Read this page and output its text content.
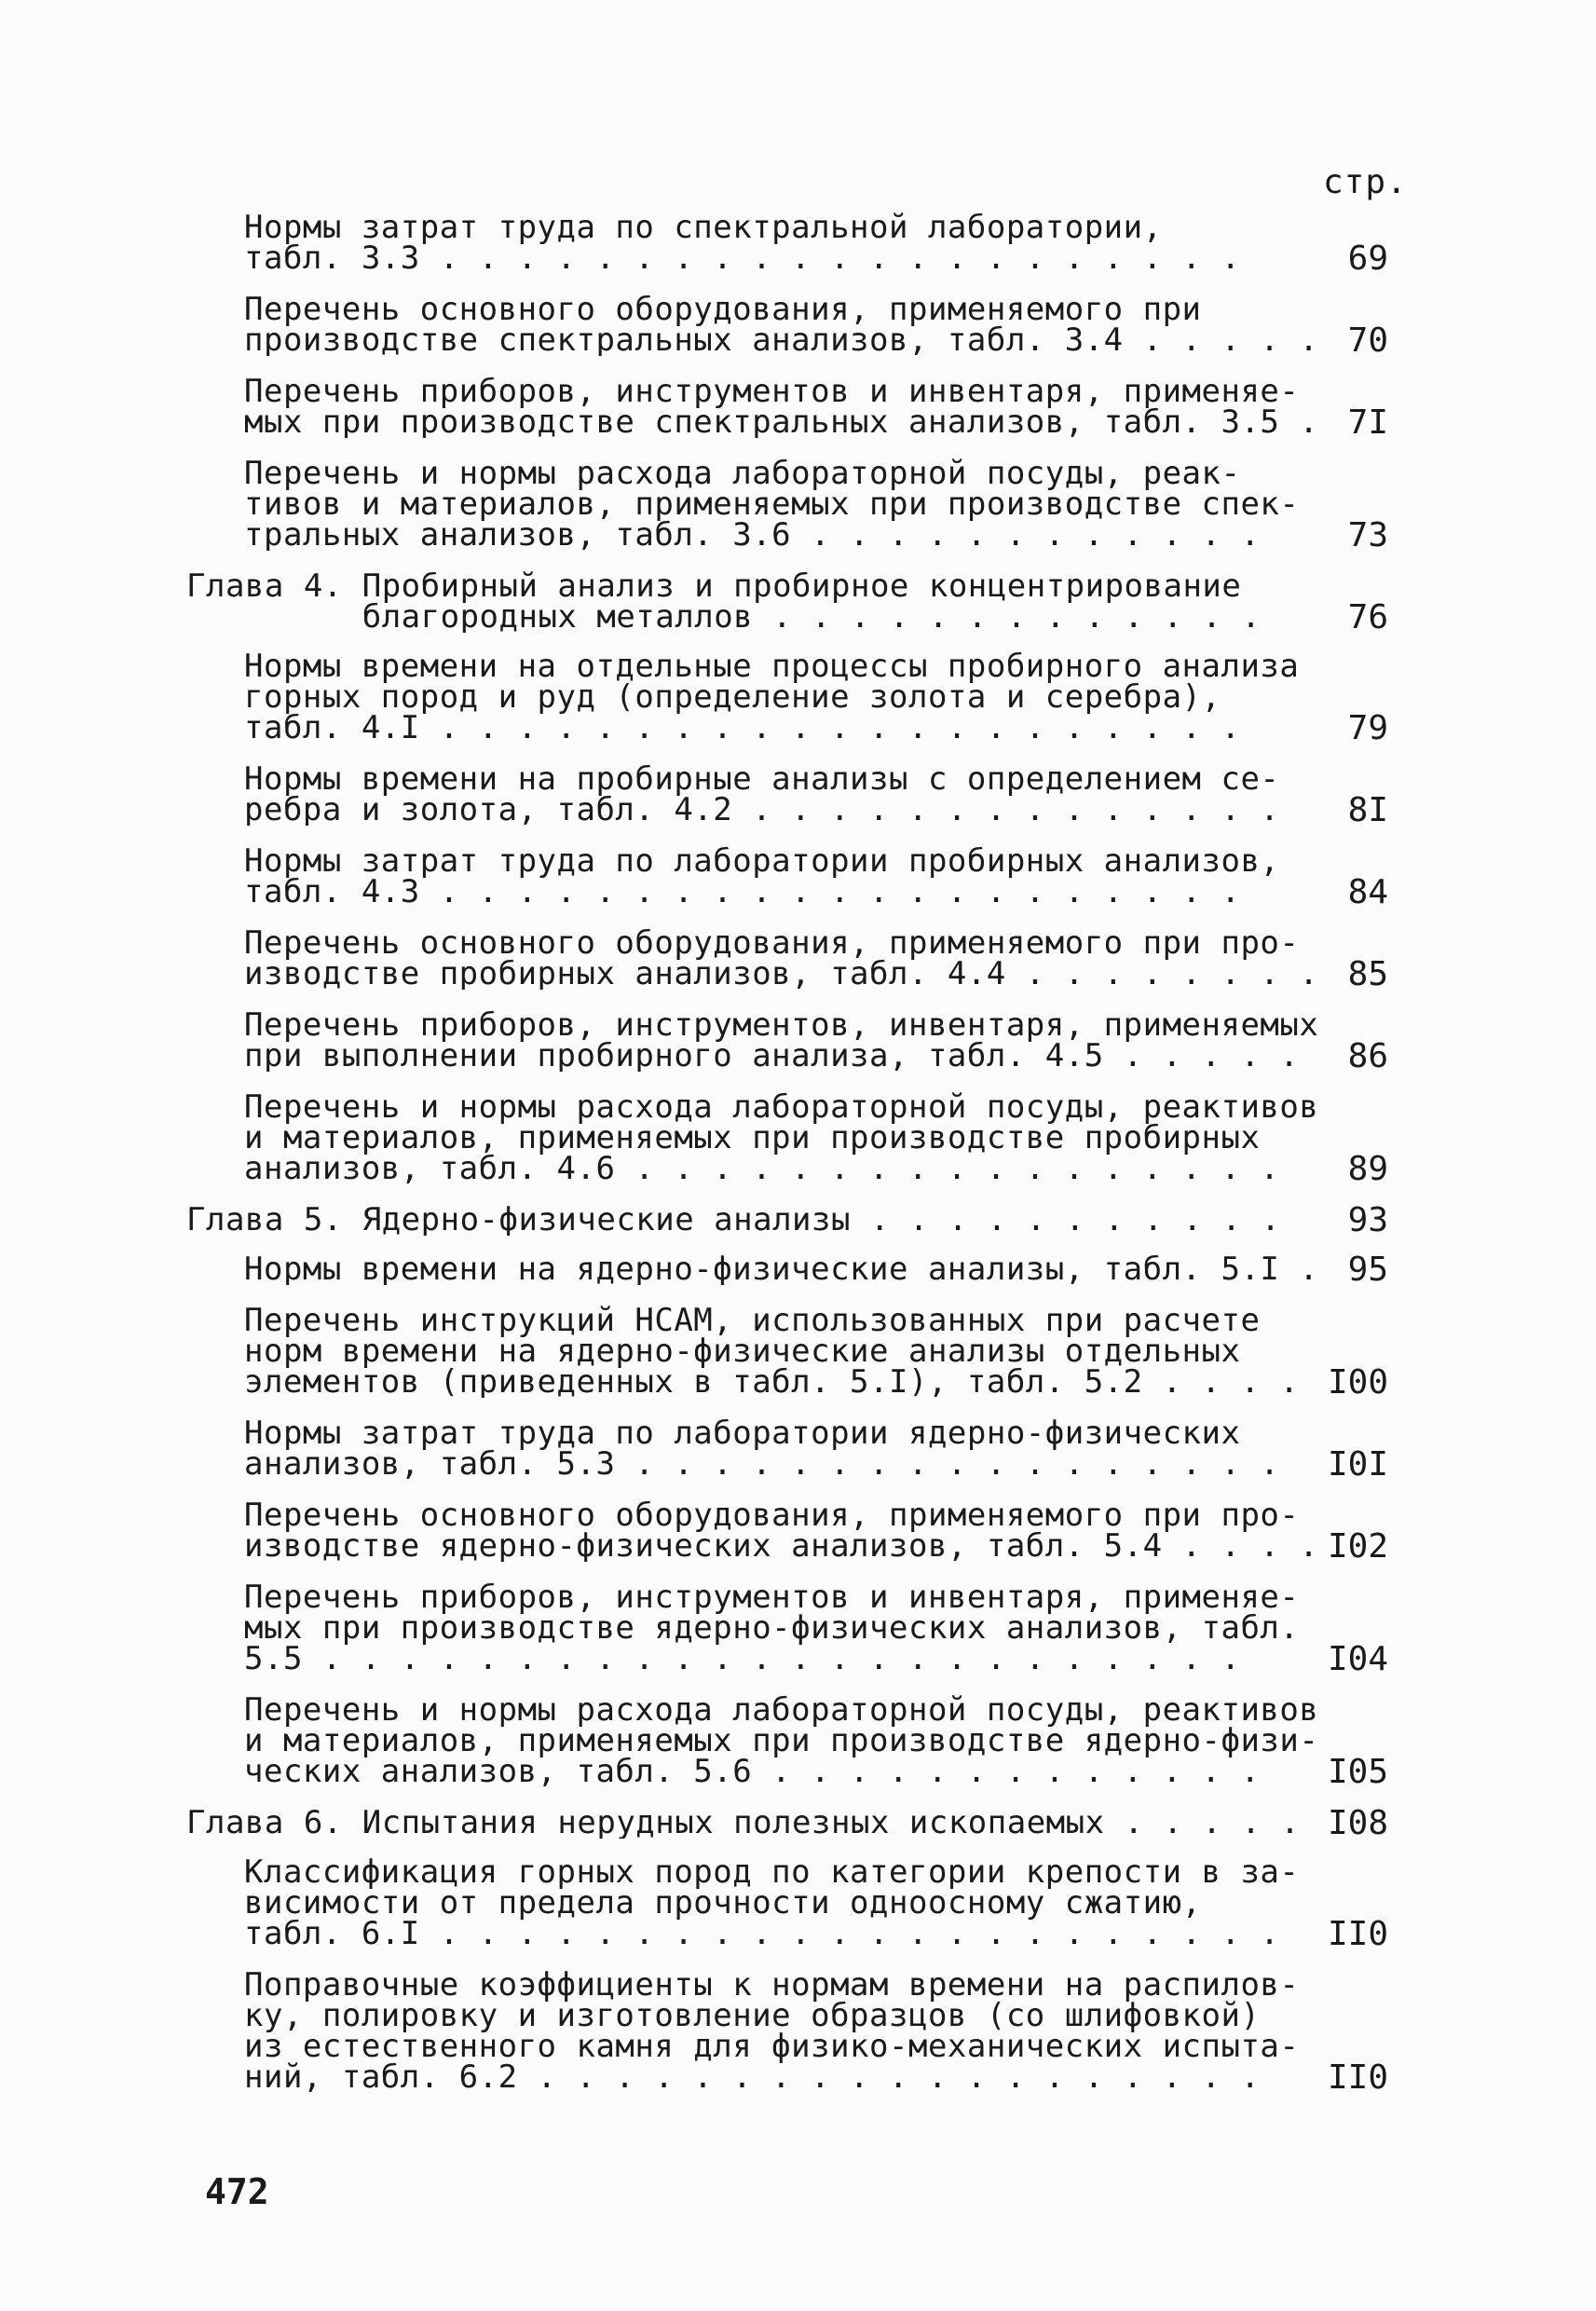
стр.
Нормы затрат труда по спектральной лаборатории,
табл. 3.3 . . . . . . . . . . . . . . . . . . . . .	69
Перечень основного оборудования, применяемого при
производстве спектральных анализов, табл. 3.4 . . . . . 70
Перечень приборов, инструментов и инвентаря, применяе-
мых при производстве спектральных анализов, табл. 3.5 . 7I
Перечень и нормы расхода лабораторной посуды, реак-
тивов и материалов, применяемых при производстве спек-
тральных анализов, табл. 3.6 . . . . . . . . . . . .	73
Глава 4. Пробирный анализ и пробирное концентрирование
благородных металлов . . . . . . . . . . . . .	76
Нормы времени на отдельные процессы пробирного анализа
горных пород и руд (определение золота и серебра),
табл. 4.I . . . . . . . . . . . . . . . . . . . . .	79
Нормы времени на пробирные анализы с определением се-
ребра и золота, табл. 4.2 . . . . . . . . . . . . . .	8I
Нормы затрат труда по лаборатории пробирных анализов,
табл. 4.3 . . . . . . . . . . . . . . . . . . . . .	84
Перечень основного оборудования, применяемого при про-
изводстве пробирных анализов, табл. 4.4 . . . . . . . . 85
Перечень приборов, инструментов, инвентаря, применяемых
при выполнении пробирного анализа, табл. 4.5 . . . . .	86
Перечень и нормы расхода лабораторной посуды, реактивов
и материалов, применяемых при производстве пробирных
анализов, табл. 4.6 . . . . . . . . . . . . . . . . .	89
Глава 5. Ядерно-физические анализы . . . . . . . . . . .	93
Нормы времени на ядерно-физические анализы, табл. 5.I . 95
Перечень инструкций НСАМ, использованных при расчете
норм времени на ядерно-физические анализы отдельных
элементов (приведенных в табл. 5.I), табл. 5.2 . . . . I00
Нормы затрат труда по лаборатории ядерно-физических
анализов, табл. 5.3 . . . . . . . . . . . . . . . . .	I0I
Перечень основного оборудования, применяемого при про-
изводстве ядерно-физических анализов, табл. 5.4 . . . . I02
Перечень приборов, инструментов и инвентаря, применяе-
мых при производстве ядерно-физических анализов, табл.
5.5 . . . . . . . . . . . . . . . . . . . . . . . .	I04
Перечень и нормы расхода лабораторной посуды, реактивов
и материалов, применяемых при производстве ядерно-физи-
ческих анализов, табл. 5.6 . . . . . . . . . . . . .	I05
Глава 6. Испытания нерудных полезных ископаемых . . . . . I08
Классификация горных пород по категории крепости в за-
висимости от предела прочности одноосному сжатию,
табл. 6.I . . . . . . . . . . . . . . . . . . . . . .	II0
Поправочные коэффициенты к нормам времени на распилов-
ку, полировку и изготовление образцов (со шлифовкой)
из естественного камня для физико-механических испыта-
ний, табл. 6.2 . . . . . . . . . . . . . . . . . . .	II0
472
